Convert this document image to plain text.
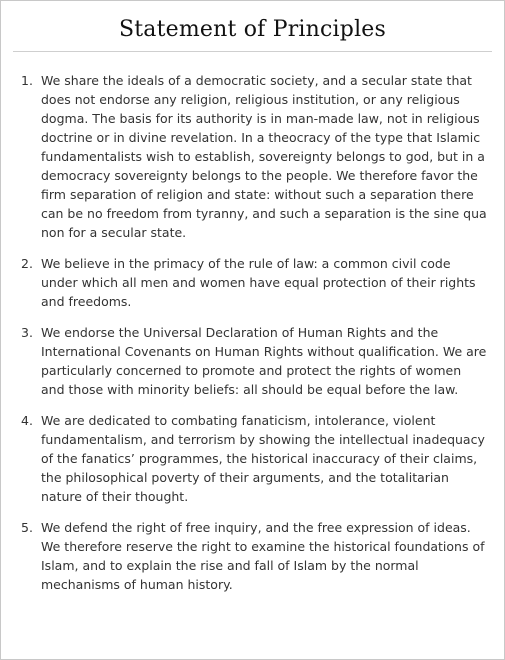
Statement of Principles
1. We share the ideals of a democratic society, and a secular state that does not endorse any religion, religious institution, or any religious dogma. The basis for its authority is in man-made law, not in religious doctrine or in divine revelation. In a theocracy of the type that Islamic fundamentalists wish to establish, sovereignty belongs to god, but in a democracy sovereignty belongs to the people. We therefore favor the firm separation of religion and state: without such a separation there can be no freedom from tyranny, and such a separation is the sine qua non for a secular state.
2. We believe in the primacy of the rule of law: a common civil code under which all men and women have equal protection of their rights and freedoms.
3. We endorse the Universal Declaration of Human Rights and the International Covenants on Human Rights without qualification. We are particularly concerned to promote and protect the rights of women and those with minority beliefs: all should be equal before the law.
4. We are dedicated to combating fanaticism, intolerance, violent fundamentalism, and terrorism by showing the intellectual inadequacy of the fanatics’ programmes, the historical inaccuracy of their claims, the philosophical poverty of their arguments, and the totalitarian nature of their thought.
5. We defend the right of free inquiry, and the free expression of ideas. We therefore reserve the right to examine the historical foundations of Islam, and to explain the rise and fall of Islam by the normal mechanisms of human history.
